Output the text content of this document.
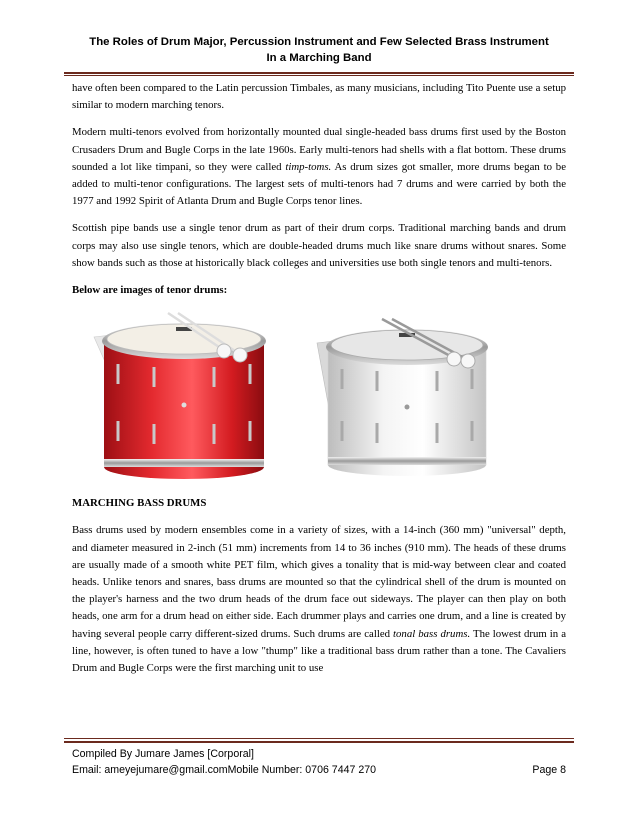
The Roles of Drum Major, Percussion Instrument and Few Selected Brass Instrument
In a Marching Band

have often been compared to the Latin percussion Timbales, as many musicians, including Tito Puente use a setup similar to modern marching tenors.

Modern multi-tenors evolved from horizontally mounted dual single-headed bass drums first used by the Boston Crusaders Drum and Bugle Corps in the late 1960s. Early multi-tenors had shells with a flat bottom. These drums sounded a lot like timpani, so they were called timp-toms. As drum sizes got smaller, more drums began to be added to multi-tenor configurations. The largest sets of multi-tenors had 7 drums and were carried by both the 1977 and 1992 Spirit of Atlanta Drum and Bugle Corps tenor lines.

Scottish pipe bands use a single tenor drum as part of their drum corps. Traditional marching bands and drum corps may also use single tenors, which are double-headed drums much like snare drums without snares. Some show bands such as those at historically black colleges and universities use both single tenors and multi-tenors.

Below are images of tenor drums:

MARCHING BASS DRUMS

Bass drums used by modern ensembles come in a variety of sizes, with a 14-inch (360 mm) "universal" depth, and diameter measured in 2-inch (51 mm) increments from 14 to 36 inches (910 mm). The heads of these drums are usually made of a smooth white PET film, which gives a tonality that is mid-way between clear and coated heads. Unlike tenors and snares, bass drums are mounted so that the cylindrical shell of the drum is mounted on the player's harness and the two drum heads of the drum face out sideways. The player can then play on both heads, one arm for a drum head on either side. Each drummer plays and carries one drum, and a line is created by having several people carry different-sized drums. Such drums are called tonal bass drums. The lowest drum in a line, however, is often tuned to have a low "thump" like a traditional bass drum rather than a tone. The Cavaliers Drum and Bugle Corps were the first marching unit to use

Compiled By Jumare James [Corporal]
Email: ameyejumare@gmail.comMobile Number: 0706 7447 270	Page 8
